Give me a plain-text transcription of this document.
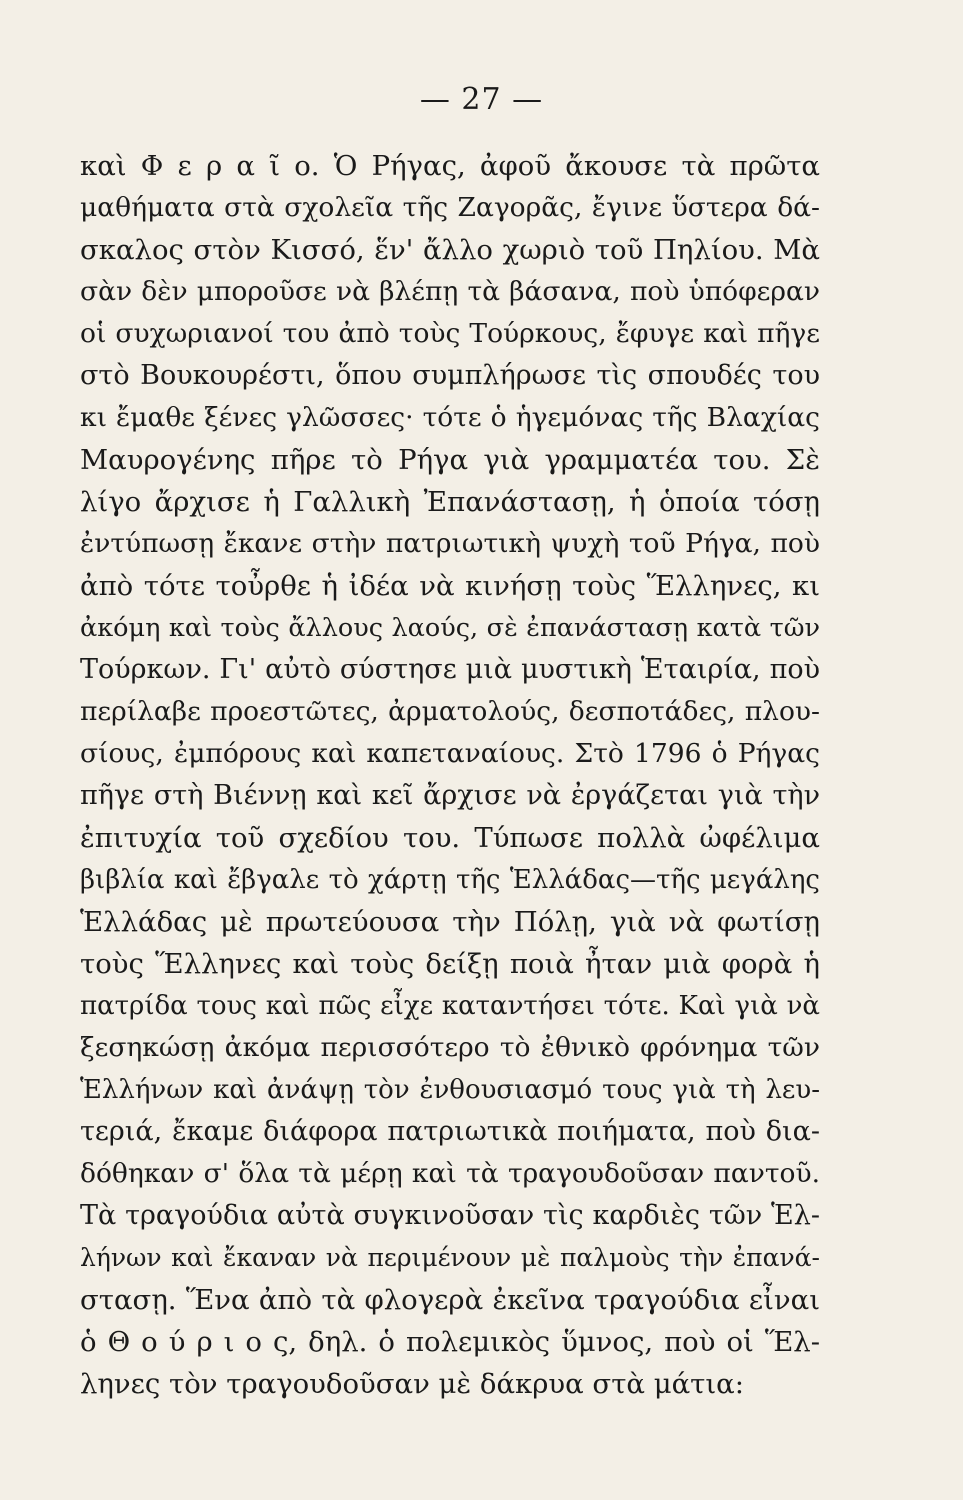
— 27 —
καὶ Φ ε ρ α ῖ ο. Ὁ Ρήγας, ἀφοῦ ἄκουσε τὰ πρῶτα
μαθήματα στὰ σχολεῖα τῆς Ζαγορᾶς, ἔγινε ὕστερα δά-
σκαλος στὸν Κισσό, ἕν' ἄλλο χωριὸ τοῦ Πηλίου. Μὰ
σὰν δὲν μποροῦσε νὰ βλέπῃ τὰ βάσανα, ποὺ ὑπόφεραν
οἱ συχωριανοί του ἀπὸ τοὺς Τούρκους, ἔφυγε καὶ πῆγε
στὸ Βουκουρέστι, ὅπου συμπλήρωσε τὶς σπουδές του
κι ἔμαθε ξένες γλῶσσες· τότε ὁ ἡγεμόνας τῆς Βλαχίας
Μαυρογένης πῆρε τὸ Ρήγα γιὰ γραμματέα του. Σὲ
λίγο ἄρχισε ἡ Γαλλικὴ Ἐπανάστασῃ, ἡ ὁποία τόσῃ
ἐντύπωσῃ ἔκανε στὴν πατριωτικὴ ψυχὴ τοῦ Ρήγα, ποὺ
ἀπὸ τότε τοὖρθε ἡ ἰδέα νὰ κινήσῃ τοὺς Ἕλληνες, κι
ἀκόμη καὶ τοὺς ἄλλους λαούς, σὲ ἐπανάστασῃ κατὰ τῶν
Τούρκων. Γι' αὐτὸ σύστησε μιὰ μυστικὴ Ἑταιρία, ποὺ
περίλαβε προεστῶτες, ἀρματολούς, δεσποτάδες, πλου-
σίους, ἐμπόρους καὶ καπεταναίους. Στὸ 1796 ὁ Ρήγας
πῆγε στὴ Βιέννῃ καὶ κεῖ ἄρχισε νὰ ἐργάζεται γιὰ τὴν
ἐπιτυχία τοῦ σχεδίου του. Τύπωσε πολλὰ ὠφέλιμα
βιβλία καὶ ἔβγαλε τὸ χάρτῃ τῆς Ἑλλάδας—τῆς μεγάλης
Ἑλλάδας μὲ πρωτεύουσα τὴν Πόλῃ, γιὰ νὰ φωτίσῃ
τοὺς Ἕλληνες καὶ τοὺς δείξῃ ποιὰ ἦταν μιὰ φορὰ ἡ
πατρίδα τους καὶ πῶς εἶχε καταντήσει τότε. Καὶ γιὰ νὰ
ξεσηκώσῃ ἀκόμα περισσότερο τὸ ἐθνικὸ φρόνημα τῶν
Ἑλλήνων καὶ ἀνάψῃ τὸν ἐνθουσιασμό τους γιὰ τὴ λευ-
τεριά, ἔκαμε διάφορα πατριωτικὰ ποιήματα, ποὺ δια-
δόθηκαν σ' ὅλα τὰ μέρῃ καὶ τὰ τραγουδοῦσαν παντοῦ.
Τὰ τραγούδια αὐτὰ συγκινοῦσαν τὶς καρδιὲς τῶν Ἑλ-
λήνων καὶ ἔκαναν νὰ περιμένουν μὲ παλμοὺς τὴν ἐπανά-
στασῃ. Ἕνα ἀπὸ τὰ φλογερὰ ἐκεῖνα τραγούδια εἶναι
ὁ Θ ο ύ ρ ι ο ς, δηλ. ὁ πολεμικὸς ὕμνος, ποὺ οἱ Ἕλ-
ληνες τὸν τραγουδοῦσαν μὲ δάκρυα στὰ μάτια:
